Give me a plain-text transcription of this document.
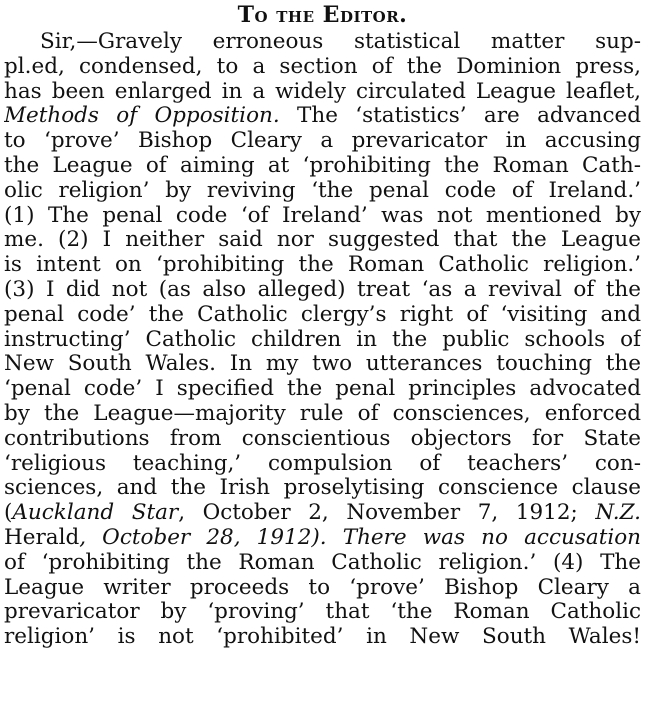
To the Editor.
Sir,—Gravely erroneous statistical matter sup-
pl.ed, condensed, to a section of the Dominion press,
has been enlarged in a widely circulated League leaflet,
Methods of Opposition. The ‘statistics’ are advanced
to ‘prove’ Bishop Cleary a prevaricator in accusing
the League of aiming at ‘prohibiting the Roman Cath-
olic religion’ by reviving ‘the penal code of Ireland.’
(1) The penal code ‘of Ireland’ was not mentioned by
me. (2) I neither said nor suggested that the League
is intent on ‘prohibiting the Roman Catholic religion.’
(3) I did not (as also alleged) treat ‘as a revival of the
penal code’ the Catholic clergy’s right of ‘visiting and
instructing’ Catholic children in the public schools of
New South Wales. In my two utterances touching the
‘penal code’ I specified the penal principles advocated
by the League—majority rule of consciences, enforced
contributions from conscientious objectors for State
‘religious teaching,’ compulsion of teachers’ con-
sciences, and the Irish proselytising conscience clause
(Auckland Star, October 2, November 7, 1912; N.Z.
Herald, October 28, 1912). There was no accusation
of ‘prohibiting the Roman Catholic religion.’ (4) The
League writer proceeds to ‘prove’ Bishop Cleary a
prevaricator by ‘proving’ that ‘the Roman Catholic
religion’ is not ‘prohibited’ in New South Wales!
